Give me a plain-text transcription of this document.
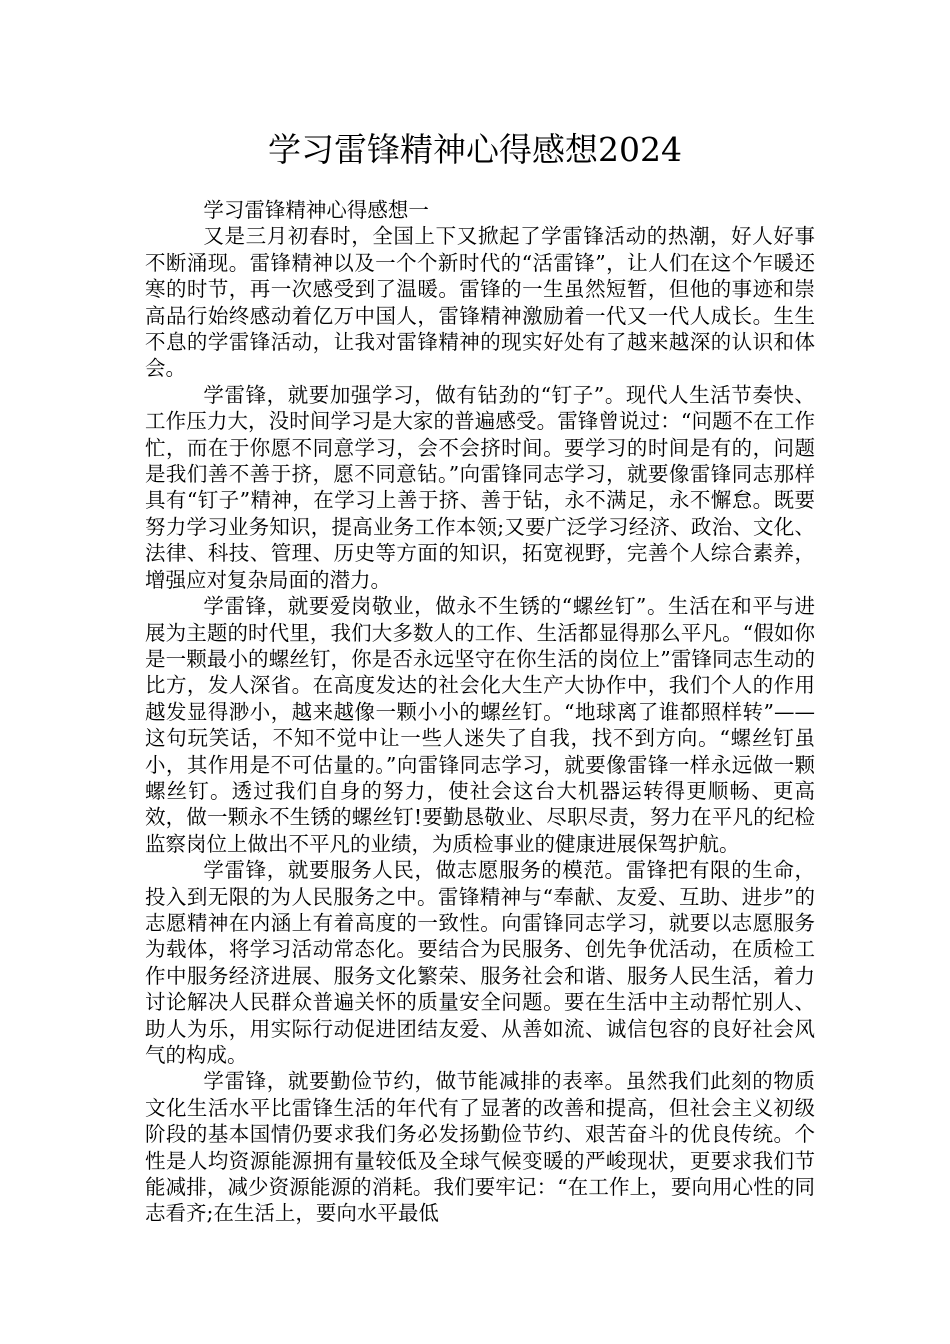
学习雷锋精神心得感想2024

学习雷锋精神心得感想一

又是三月初春时，全国上下又掀起了学雷锋活动的热潮，好人好事不断涌现。雷锋精神以及一个个新时代的“活雷锋”，让人们在这个乍暖还寒的时节，再一次感受到了温暖。雷锋的一生虽然短暂，但他的事迹和崇高品行始终感动着亿万中国人，雷锋精神激励着一代又一代人成长。生生不息的学雷锋活动，让我对雷锋精神的现实好处有了越来越深的认识和体会。

学雷锋，就要加强学习，做有钻劲的“钉子”。现代人生活节奏快、工作压力大，没时间学习是大家的普遍感受。雷锋曾说过：“问题不在工作忙，而在于你愿不同意学习，会不会挤时间。要学习的时间是有的，问题是我们善不善于挤，愿不同意钻。”向雷锋同志学习，就要像雷锋同志那样具有“钉子”精神，在学习上善于挤、善于钻，永不满足，永不懈怠。既要努力学习业务知识，提高业务工作本领;又要广泛学习经济、政治、文化、法律、科技、管理、历史等方面的知识，拓宽视野，完善个人综合素养，增强应对复杂局面的潜力。

学雷锋，就要爱岗敬业，做永不生锈的“螺丝钉”。生活在和平与进展为主题的时代里，我们大多数人的工作、生活都显得那么平凡。“假如你是一颗最小的螺丝钉，你是否永远坚守在你生活的岗位上”雷锋同志生动的比方，发人深省。在高度发达的社会化大生产大协作中，我们个人的作用越发显得渺小，越来越像一颗小小的螺丝钉。“地球离了谁都照样转”——这句玩笑话，不知不觉中让一些人迷失了自我，找不到方向。“螺丝钉虽小，其作用是不可估量的。”向雷锋同志学习，就要像雷锋一样永远做一颗螺丝钉。透过我们自身的努力，使社会这台大机器运转得更顺畅、更高效，做一颗永不生锈的螺丝钉!要勤恳敬业、尽职尽责，努力在平凡的纪检监察岗位上做出不平凡的业绩，为质检事业的健康进展保驾护航。

学雷锋，就要服务人民，做志愿服务的模范。雷锋把有限的生命，投入到无限的为人民服务之中。雷锋精神与“奉献、友爱、互助、进步”的志愿精神在内涵上有着高度的一致性。向雷锋同志学习，就要以志愿服务为载体，将学习活动常态化。要结合为民服务、创先争优活动，在质检工作中服务经济进展、服务文化繁荣、服务社会和谐、服务人民生活，着力讨论解决人民群众普遍关怀的质量安全问题。要在生活中主动帮忙别人、助人为乐，用实际行动促进团结友爱、从善如流、诚信包容的良好社会风气的构成。

学雷锋，就要勤俭节约，做节能减排的表率。虽然我们此刻的物质文化生活水平比雷锋生活的年代有了显著的改善和提高，但社会主义初级阶段的基本国情仍要求我们务必发扬勤俭节约、艰苦奋斗的优良传统。个性是人均资源能源拥有量较低及全球气候变暖的严峻现状，更要求我们节能减排，减少资源能源的消耗。我们要牢记：“在工作上，要向用心性的同志看齐;在生活上，要向水平最低
